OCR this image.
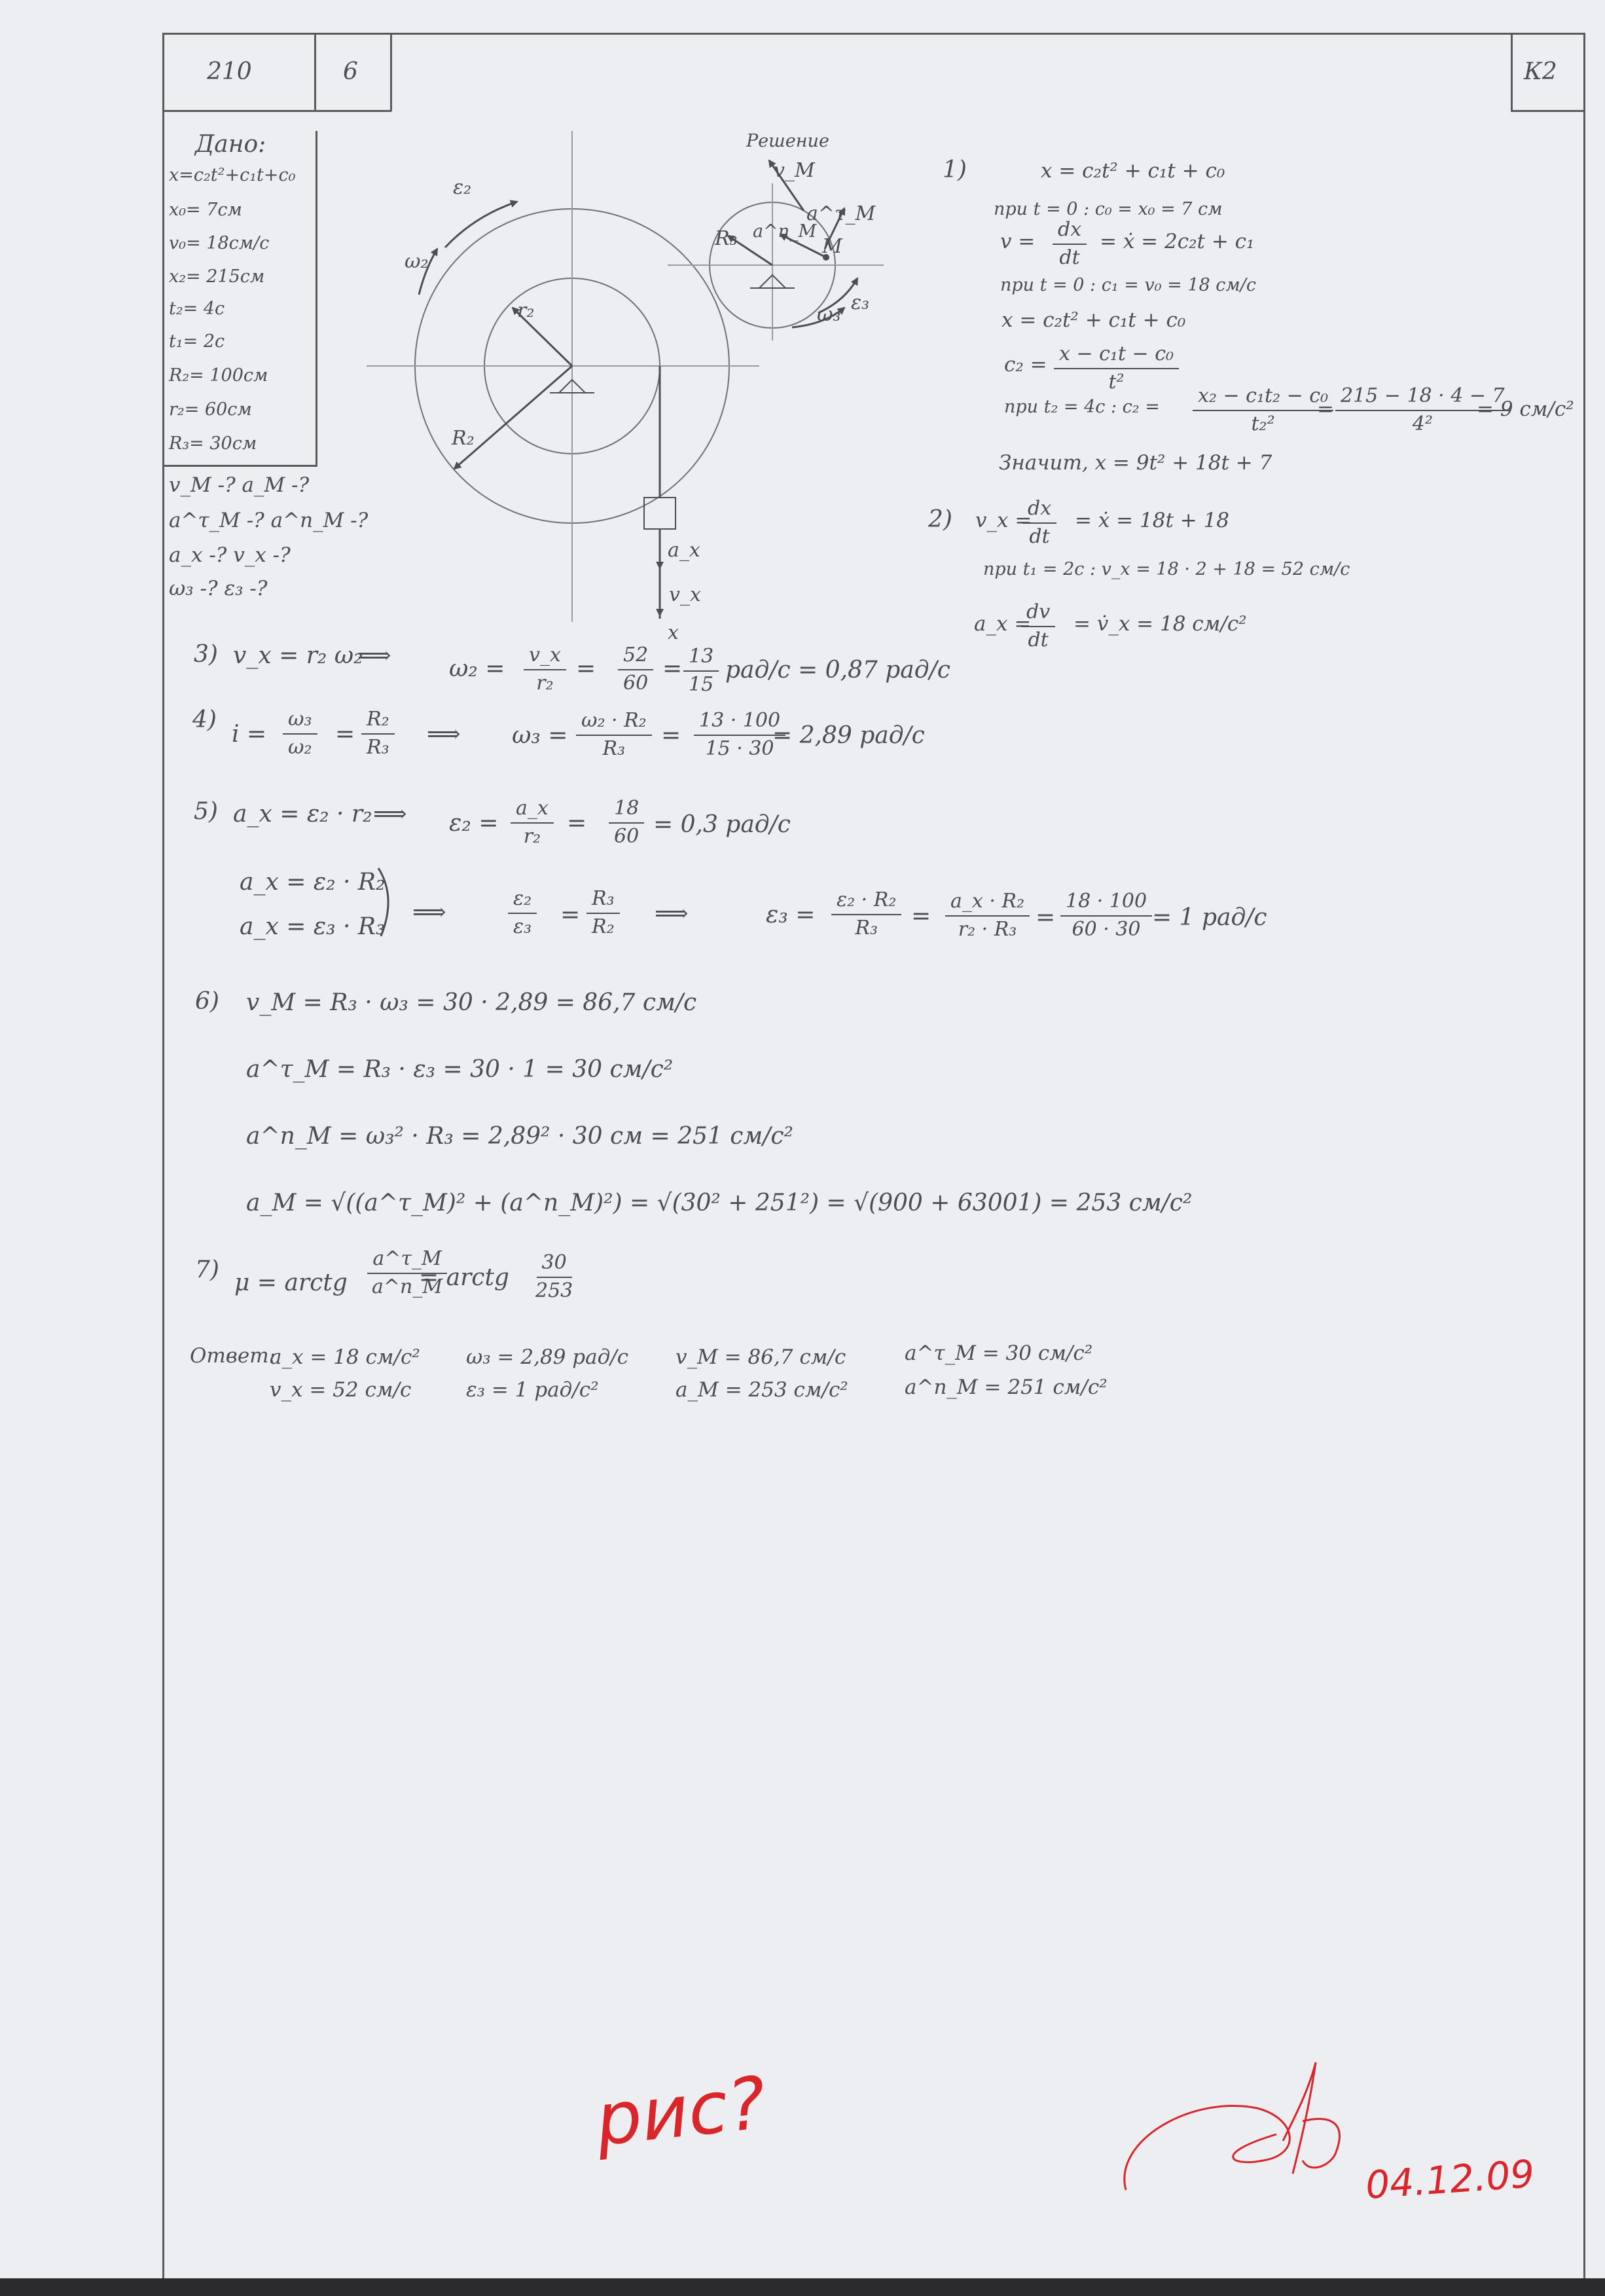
210	6	К2
Дано:
x=c₂t²+c₁t+c₀
x₀= 7см
v₀= 18см/с
x₂= 215см
t₂= 4с
t₁= 2с
R₂= 100см
r₂= 60см
R₃= 30см
v_M -? a_M -?
a^τ_M -? a^n_M -?
a_x -? v_x -?
ω₃ -? ε₃ -?
ε₂
ω₂
r₂
R₂
Решение
v_M
R₃ a^n_M
a^τ_M
M
ε₃
ω₃
a_x
v_x
x
1)	x = c₂t² + c₁t + c₀
при t = 0 : c₀ = x₀ = 7 см
$v = \frac{dx}{dt}$ = ẋ = 2c₂t + c₁
при t = 0 : c₁ = v₀ = 18 см/с
x = c₂t² + c₁t + c₀
$c_2 = \frac{\text{x − c₁t − c₀}}{\text{t²}}$
при t₂ = 4с : $c_2 = \frac{\text{x₂ − c₁t₂ − c₀}}{\text{t₂²}}$
= $\frac{215 - 18 \cdot 4 - 7}{\text{4²}}$
= 9 см/с²
Значит, x = 9t² + 18t + 7
2) v_x =
$\frac{dx}{dt}$ = ẋ = 18t + 18
при t₁ = 2с : v_x = 18 · 2 + 18 = 52 см/с
a_x =
$\frac{dv}{dt}$ = v̇_x = 18 см/с²
3) v_x = r₂ ω₂
⟹ $\omega_2 = \frac{v\_x}{\text{r₂}} = \frac{52}{60} = \frac{13}{15} рад/с = 0,87$ рад/с
4)
$i = \frac{\text{ω₃}}{\text{ω₂}} = \frac{\text{R₂}}{\text{R₃}}$ ⟹ $\omega_3 = \frac{\text{ω₂ · R₂}}{\text{R₃}} = \frac{13 \cdot 100}{15 \cdot 30}$
= 2,89 рад/с
5) a_x = ε₂ · r₂ ⟹ $\varepsilon_2 = \frac{a\_x}{\text{r₂}} = \frac{18}{60} = 0,3$ рад/с
a_x = ε₂ · R₂
a_x = ε₃ · R₃
⟹	$\frac{\text{ε₂}}{\text{ε₃}} = \frac{\text{R₃}}{\text{R₂}}$ ⟹	$\varepsilon_3 = \frac{\text{ε₂ · R₂}}{\text{R₃}} = \frac{\text{a\_x · R₂}}{\text{r₂ · R₃}} = \frac{18 \cdot 100}{60 \cdot 30} = 1$ рад/с
6) v_M = R₃ · ω₃ = 30 · 2,89 = 86,7 см/с
a^τ_M = R₃ · ε₃ = 30 · 1 = 30 см/с²
a^n_M = ω₃² · R₃ = 2,89² · 30 см = 251 см/с²
a_M = √((a^τ_M)² + (a^n_M)²) = √(30² + 251²) = √(900 + 63001) = 253 см/с²
7) μ = arctg $\frac{a\^{}\tau\_M}{a\^{}n\_M}$
= arctg $\frac{30}{253}$
Ответ:
a_x = 18 см/с²
v_x = 52 см/с
ω₃ = 2,89 рад/с
ε₃ = 1 рад/с²
v_M = 86,7 см/с
a_M = 253 см/с²
a^τ_M = 30 см/с²
a^n_M = 251 см/с²
рис?
04.12.09
